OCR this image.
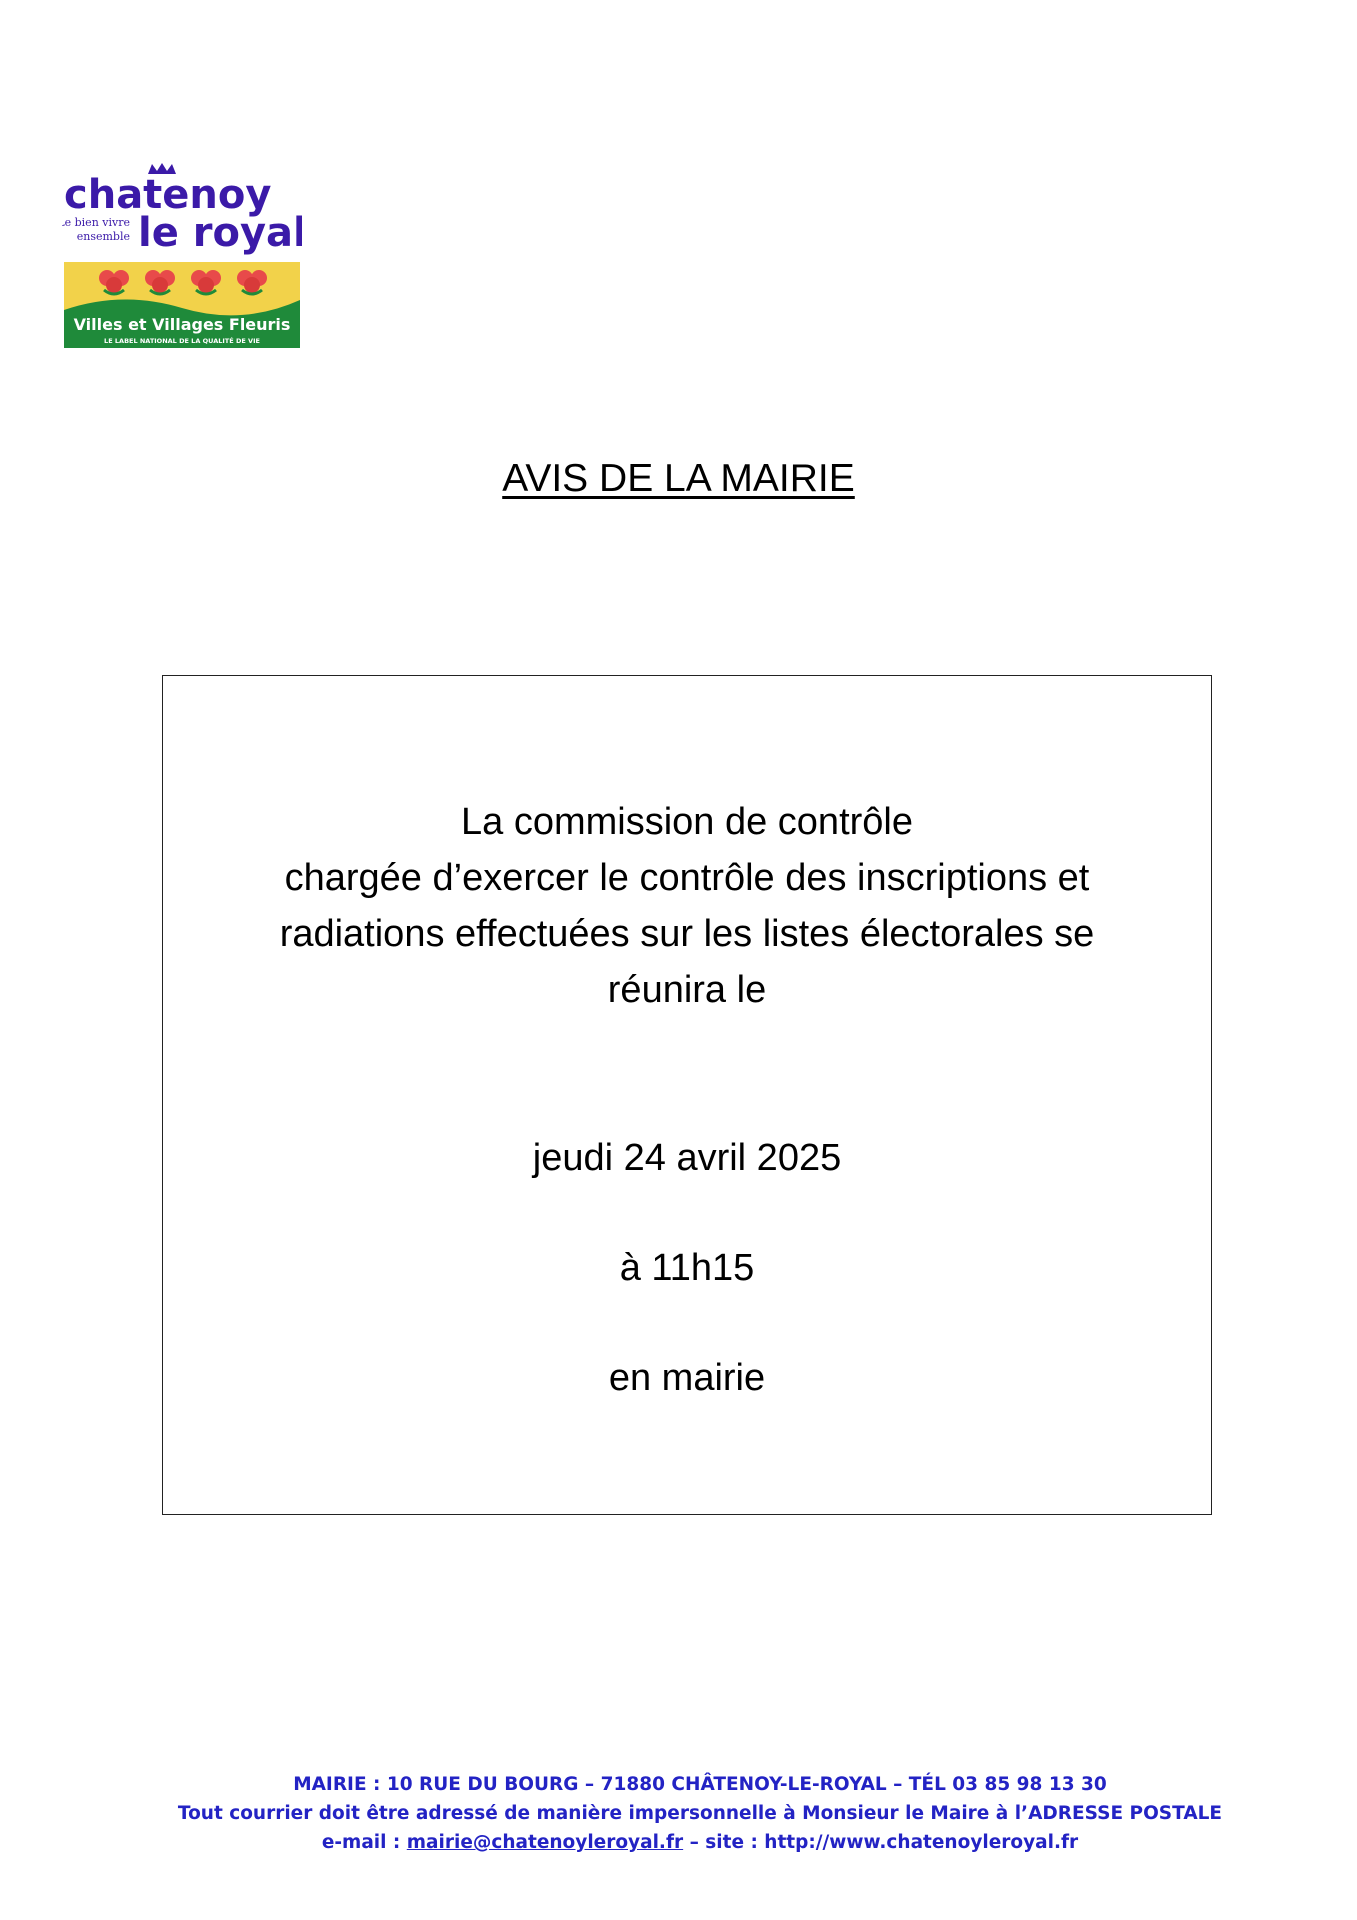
chatenoy
le royal
Le bien vivre
ensemble
Villes et Villages Fleuris
LE LABEL NATIONAL DE LA QUALITÉ DE VIE
AVIS DE LA MAIRIE
La commission de contrôle
chargée d’exercer le contrôle des inscriptions et
radiations effectuées sur les listes électorales se
réunira le
jeudi 24 avril 2025
à 11h15
en mairie
MAIRIE : 10 RUE DU BOURG – 71880 CHÂTENOY-LE-ROYAL – TÉL 03 85 98 13 30
Tout courrier doit être adressé de manière impersonnelle à Monsieur le Maire à l’ADRESSE POSTALE
e-mail : mairie@chatenoyleroyal.fr – site : http://www.chatenoyleroyal.fr
